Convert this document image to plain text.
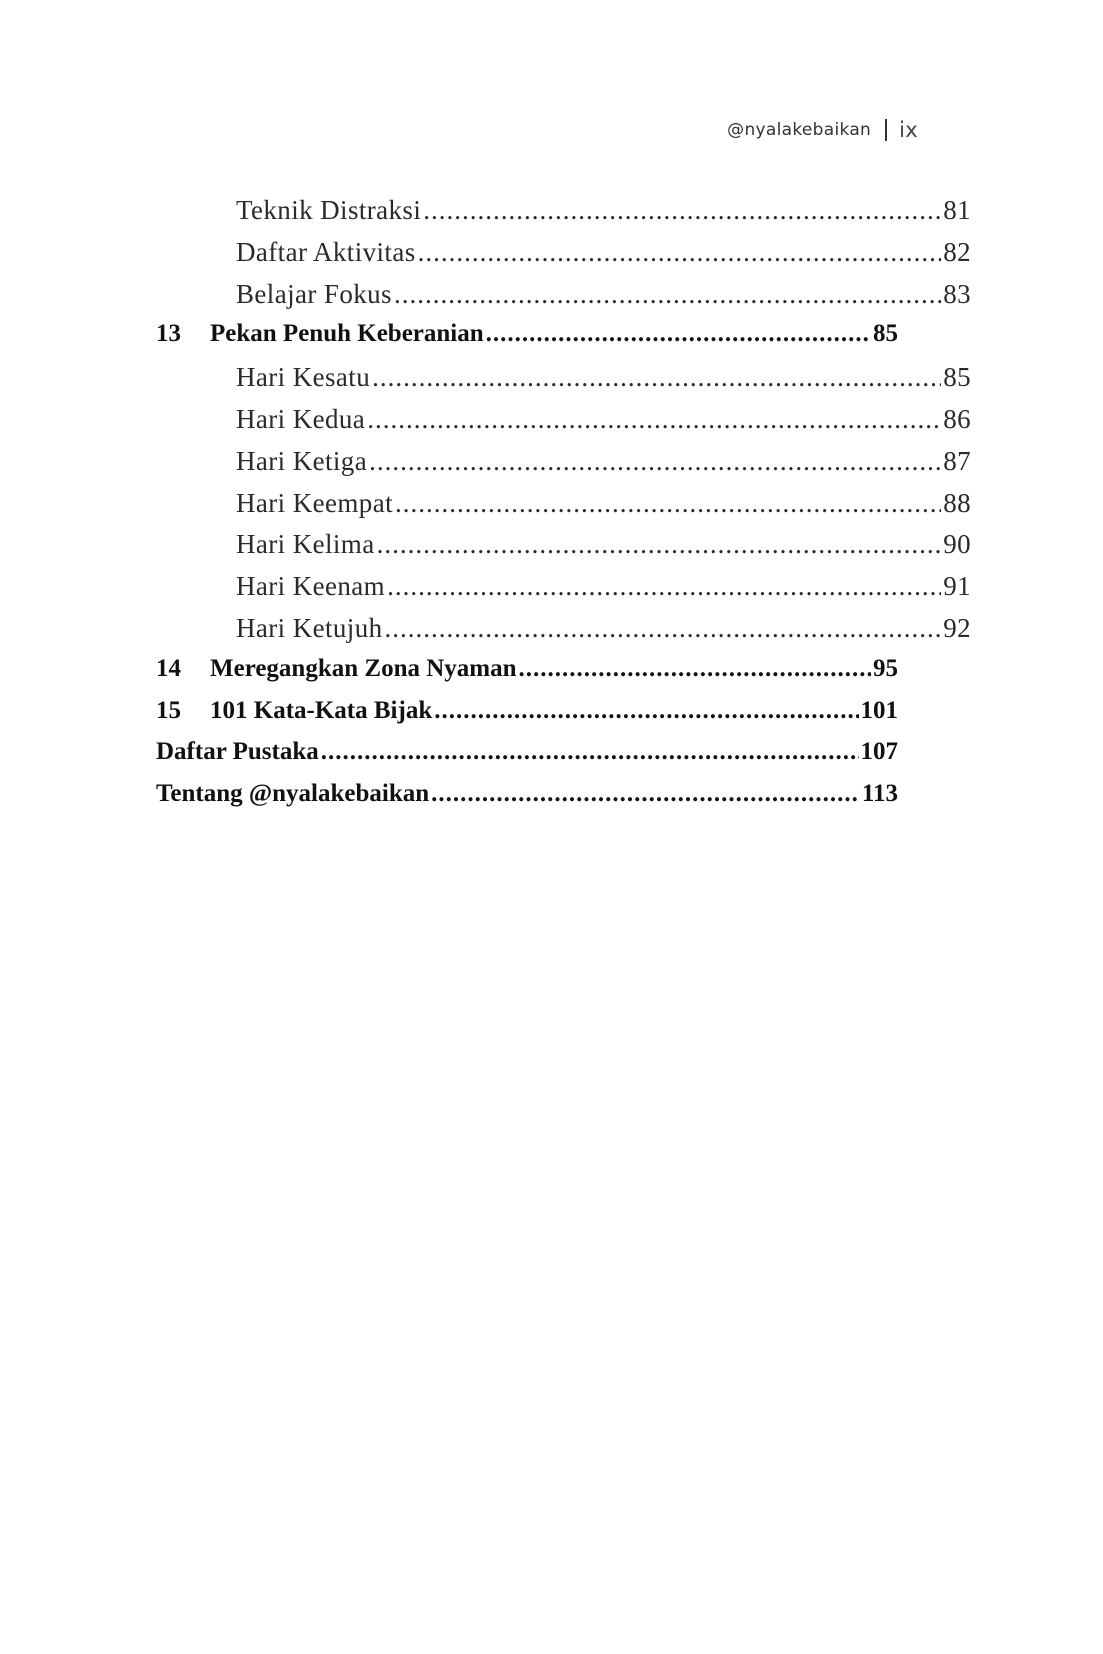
@nyalakebaikan ix
Teknik Distraksi .....	81
Daftar Aktivitas .....	82
Belajar Fokus .....	83
13	Pekan Penuh Keberanian .....	85
Hari Kesatu .....	85
Hari Kedua .....	86
Hari Ketiga .....	87
Hari Keempat .....	88
Hari Kelima .....	90
Hari Keenam .....	91
Hari Ketujuh .....	92
14	Meregangkan Zona Nyaman .....	95
15	101 Kata-Kata Bijak .....	101
Daftar Pustaka .....	107
Tentang @nyalakebaikan .....	113
